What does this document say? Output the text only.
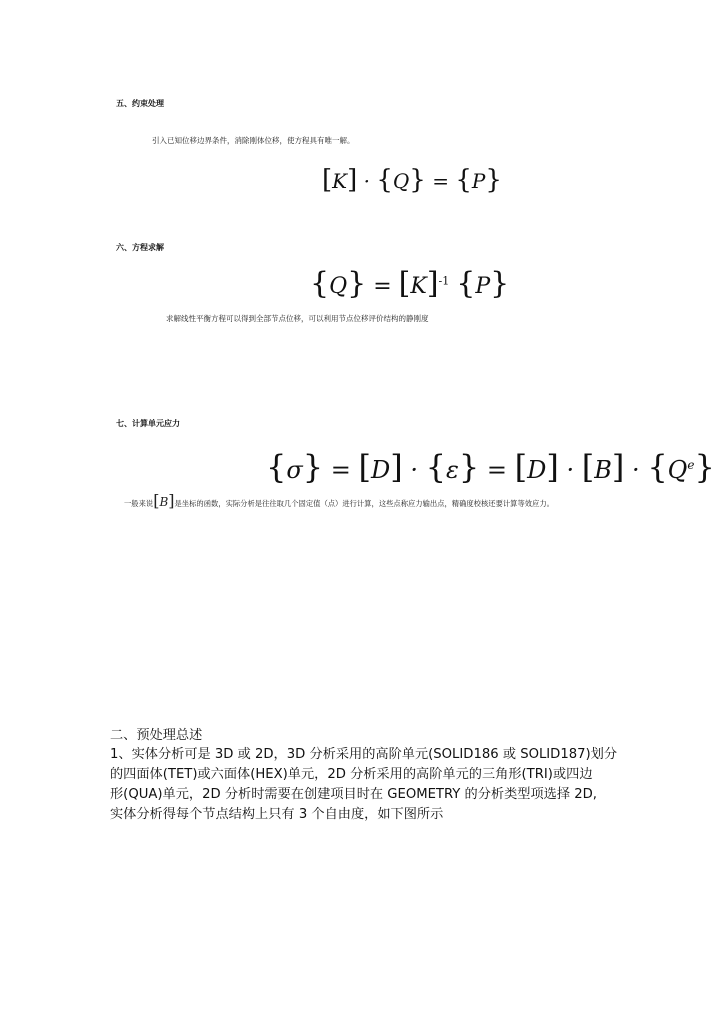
五、约束处理
引入已知位移边界条件，消除刚体位移，使方程具有唯一解。
[K] · {Q} = {P}
六、方程求解
$\{Q\} = [K]^{-1}$ {P}
求解线性平衡方程可以得到全部节点位移，可以利用节点位移评价结构的静刚度
七、计算单元应力
$\{\sigma\} = [D] \cdot \{\varepsilon\} = [D] \cdot [B] \cdot \{Q^e\}$
一般来说[B]是坐标的函数，实际分析是往往取几个固定值（点）进行计算，这些点称应力输出点，精确度校核还要计算等效应力。
二、预处理总述
1、实体分析可是 3D 或 2D，3D 分析采用的高阶单元(SOLID186 或 SOLID187)划分
的四面体(TET)或六面体(HEX)单元，2D 分析采用的高阶单元的三角形(TRI)或四边
形(QUA)单元，2D 分析时需要在创建项目时在 GEOMETRY 的分析类型项选择 2D,
实体分析得每个节点结构上只有 3 个自由度，如下图所示
